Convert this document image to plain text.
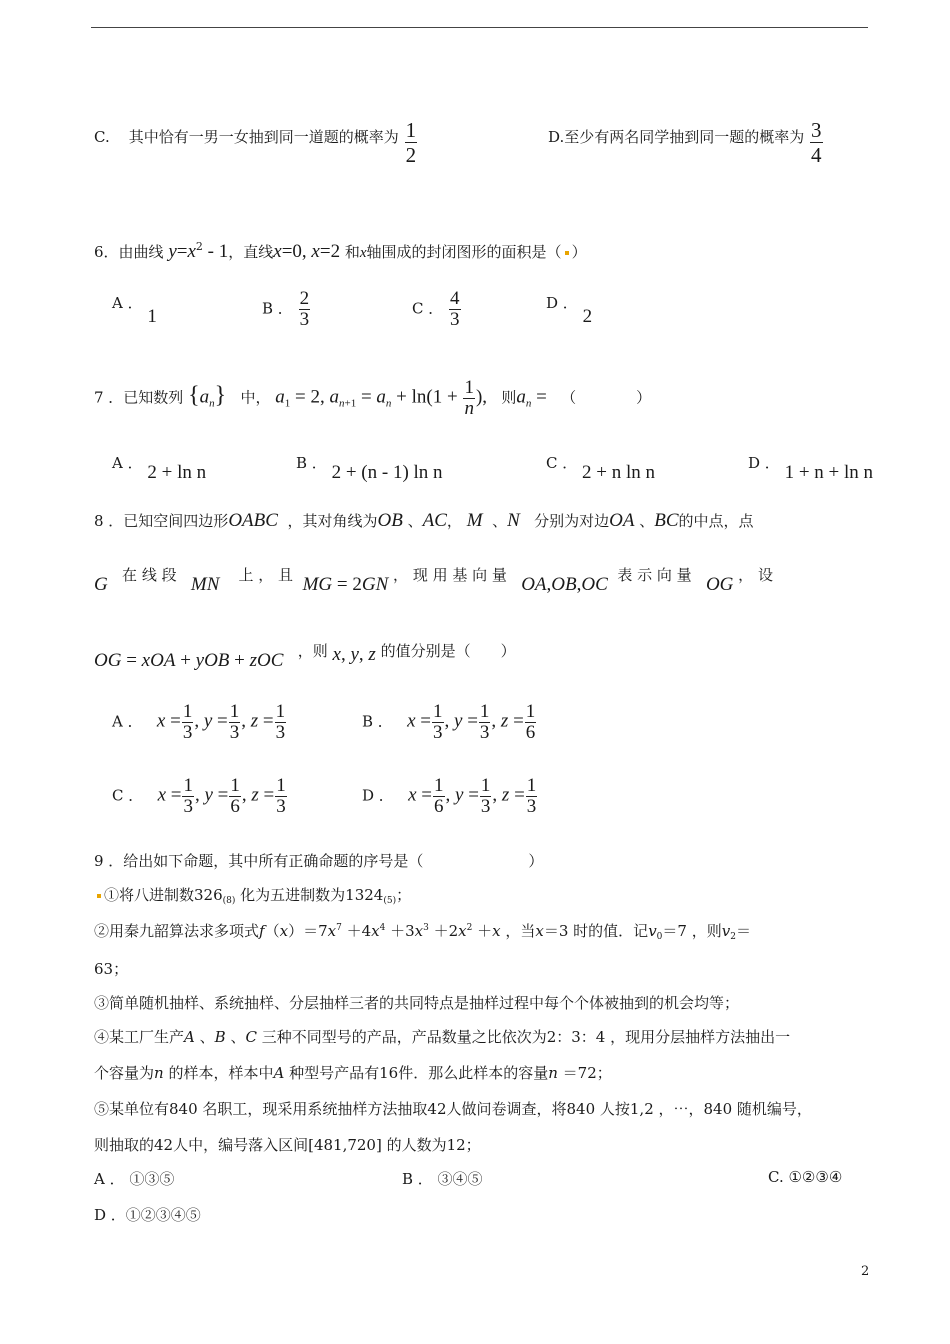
C. 其中恰有一男一女抽到同一道题的概率为 $\frac{1}{2}$	D.至少有两名同学抽到同一题的概率为 $\frac{3}{4}$
6．由曲线 $y=x^2 - 1$，直线x=0, x=2 和x轴围成的封闭图形的面积是（ ）
A ． 1	B ． $\frac{2}{3}$	C ． $\frac{4}{3}$	D ． 2
7 ．已知数列 $\{a_n\}$ 中， $a_1 = 2$, $a_{n+1} = a_n + \ln(1 + \frac{1}{n}$ ), 则$a_n$ =   （　　　　）
A ． 2 + ln n	B ． 2 + (n - 1) ln n	C ． 2 + n ln n	D ． 1 + n + ln n
8 ．已知空间四边形OABC ，其对角线为OB 、AC， M 、N 分别为对边OA 、BC的中点，点
G 在 线 段 MN 上 ， 且 MG = 2GN ， 现 用 基 向 量 OA,OB,OC 表 示 向 量 OG ， 设
OG = xOA + yOB + zOC ，则 x, y, z 的值分别是（　　）
A ． $x = \frac{1}{3}$ , $y = \frac{1}{3}$ , $z = \frac{1}{3}$	B ． $x = \frac{1}{3}$ , $y = \frac{1}{3}$ , $z = \frac{1}{6}$
C ． $x = \frac{1}{3}$ , $y = \frac{1}{6}$ , $z = \frac{1}{3}$	D ． $x = \frac{1}{6}$ , $y = \frac{1}{3}$ , $z = \frac{1}{3}$
9 ．给出如下命题，其中所有正确命题的序号是（　　　　　　　）
①将八进制数$326_{(8)}$ 化为五进制数为$1324_{(5)}$；
②用秦九韶算法求多项式$f(x)=7x^7 +4x^4 +3x^3 +2x^2 +x$ ，当x＝3 时的值．记$v_0=7$ ，则$v_2=$
63；
③简单随机抽样、系统抽样、分层抽样三者的共同特点是抽样过程中每个个体被抽到的机会均等；
④某工厂生产A 、B 、C 三种不同型号的产品，产品数量之比依次为2：3：4 ，现用分层抽样方法抽出一
个容量为n 的样本，样本中A 种型号产品有16件．那么此样本的容量n ＝72；
⑤某单位有840 名职工，现采用系统抽样方法抽取42人做问卷调查，将840 人按1,2 ，⋯，840 随机编号，
则抽取的42人中，编号落入区间[481,720] 的人数为12；
A ． ①③⑤	B ． ③④⑤	C. ①②③④
D ．①②③④⑤
2
